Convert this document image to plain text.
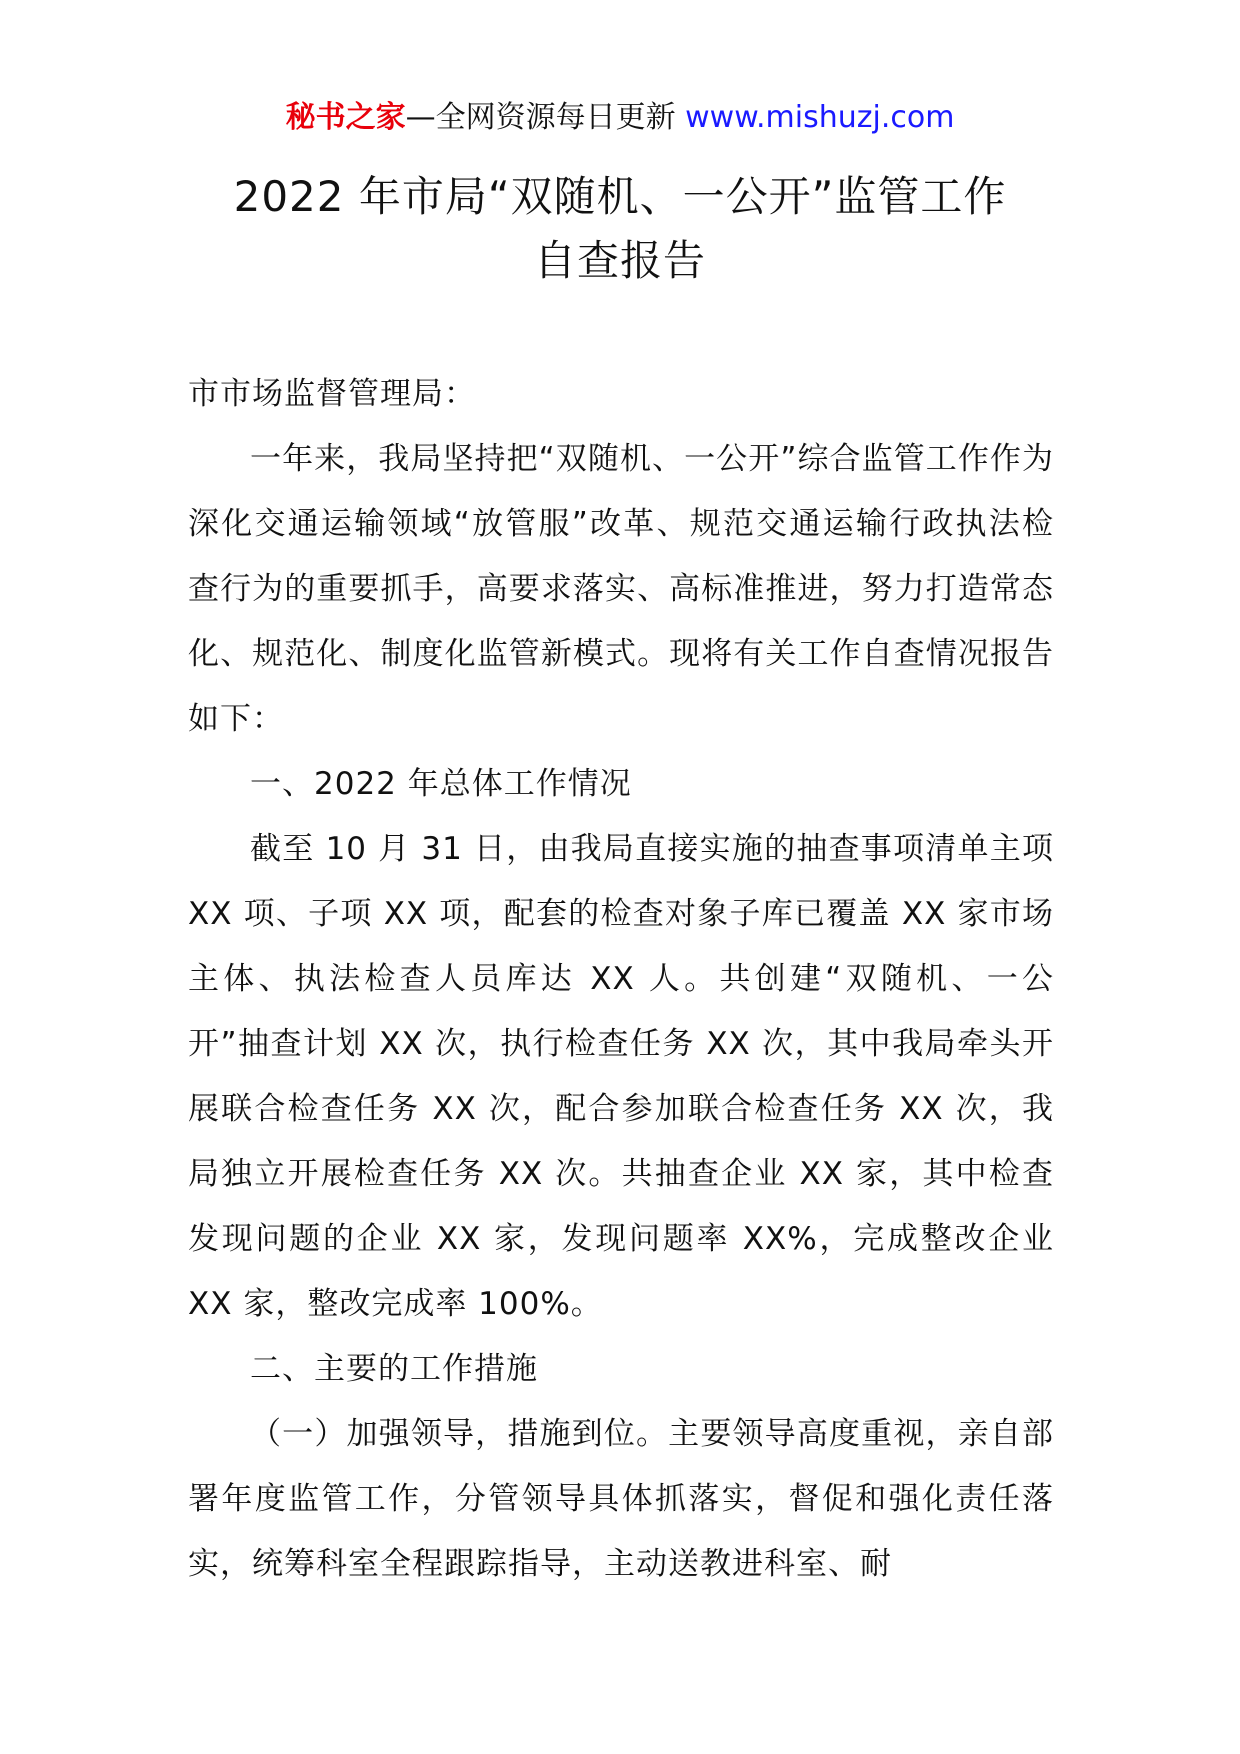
秘书之家—全网资源每日更新 www.mishuzj.com
2022 年市局“双随机、一公开”监管工作
自查报告

市市场监督管理局：

一年来，我局坚持把“双随机、一公开”综合监管工作作为深化交通运输领域“放管服”改革、规范交通运输行政执法检查行为的重要抓手，高要求落实、高标准推进，努力打造常态化、规范化、制度化监管新模式。现将有关工作自查情况报告如下：

一、2022 年总体工作情况

截至 10 月 31 日，由我局直接实施的抽查事项清单主项 XX 项、子项 XX 项，配套的检查对象子库已覆盖 XX 家市场主体、执法检查人员库达 XX 人。共创建“双随机、一公开”抽查计划 XX 次，执行检查任务 XX 次，其中我局牵头开展联合检查任务 XX 次，配合参加联合检查任务 XX 次，我局独立开展检查任务 XX 次。共抽查企业 XX 家，其中检查发现问题的企业 XX 家，发现问题率 XX%，完成整改企业 XX 家，整改完成率 100%。

二、主要的工作措施

（一）加强领导，措施到位。主要领导高度重视，亲自部署年度监管工作，分管领导具体抓落实，督促和强化责任落实，统筹科室全程跟踪指导，主动送教进科室、耐
